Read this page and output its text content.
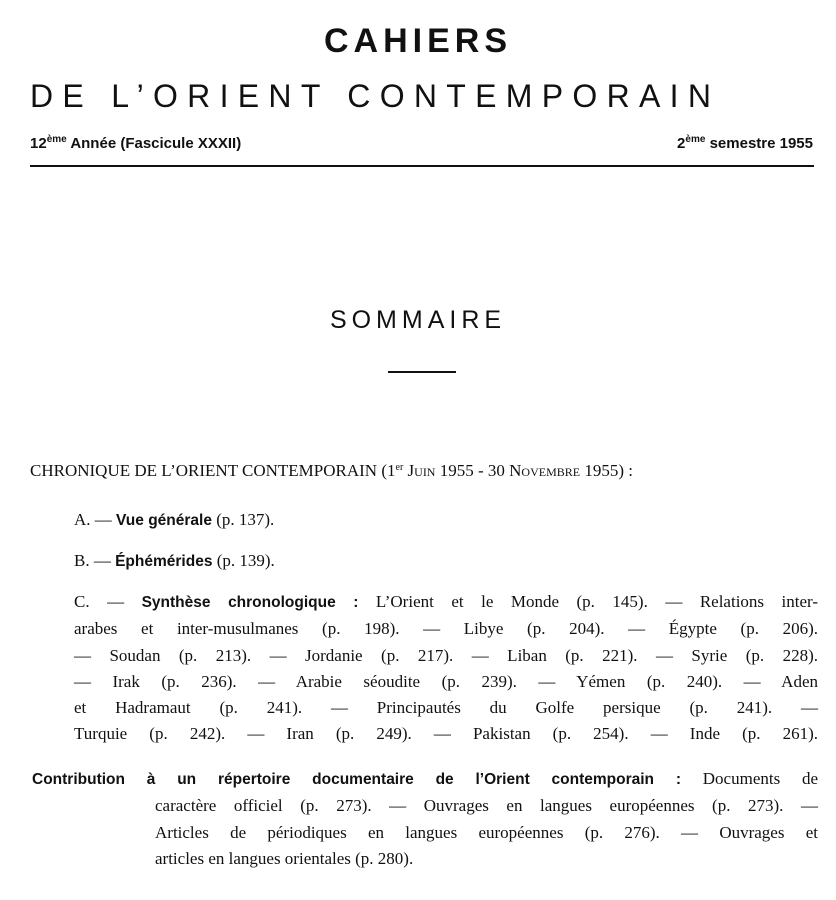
CAHIERS
DE L’ORIENT CONTEMPORAIN
12ème Année (Fascicule XXXII)	2ème semestre 1955
SOMMAIRE
CHRONIQUE DE L’ORIENT CONTEMPORAIN (1er Juin 1955 - 30 Novembre 1955) :
A. — Vue générale (p. 137).
B. — Éphémérides (p. 139).
C. — Synthèse chronologique : L’Orient et le Monde (p. 145). — Relations inter-
arabes et inter-musulmanes (p. 198). — Libye (p. 204). — Égypte (p. 206).
— Soudan (p. 213). — Jordanie (p. 217). — Liban (p. 221). — Syrie (p. 228).
— Irak (p. 236). — Arabie séoudite (p. 239). — Yémen (p. 240). — Aden
et Hadramaut (p. 241). — Principautés du Golfe persique (p. 241). —
Turquie (p. 242). — Iran (p. 249). — Pakistan (p. 254). — Inde (p. 261).
Contribution à un répertoire documentaire de l’Orient contemporain : Documents de
caractère officiel (p. 273). — Ouvrages en langues européennes (p. 273). —
Articles de périodiques en langues européennes (p. 276). — Ouvrages et
articles en langues orientales (p. 280).
